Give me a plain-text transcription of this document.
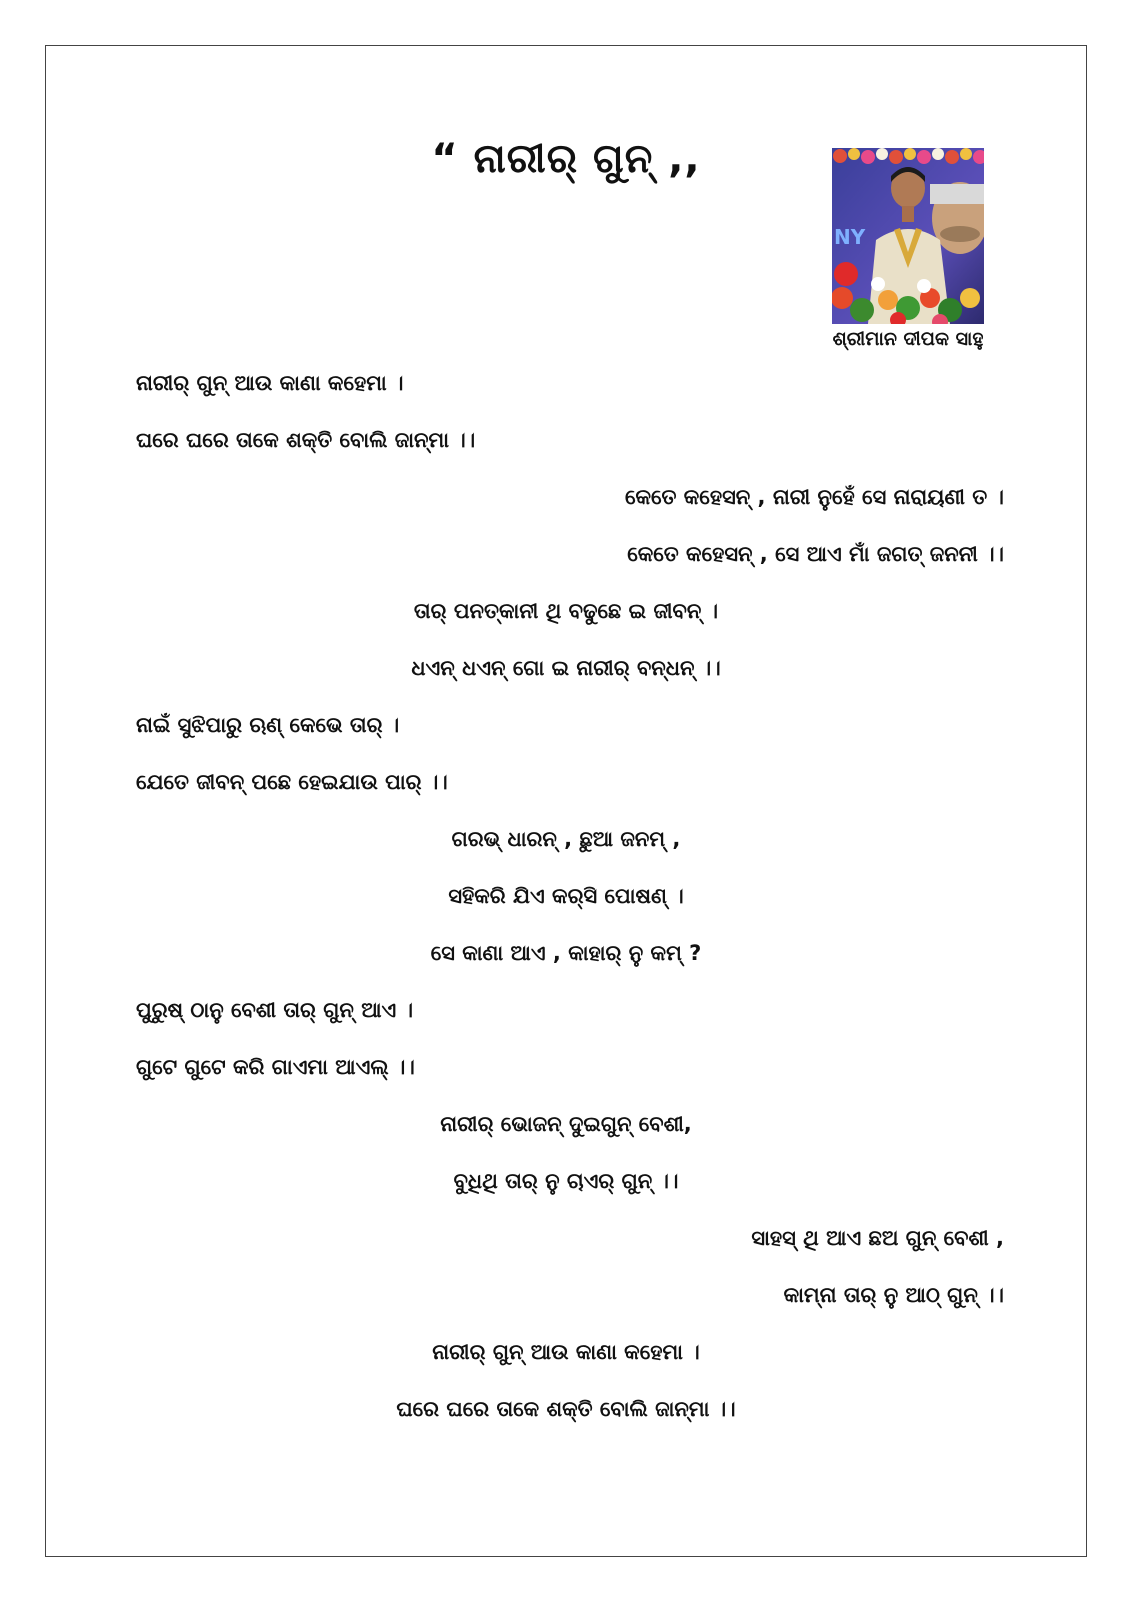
“ ନାରୀର୍ ଗୁନ୍ ,,
NY
ଶ୍ରୀମାନ ଦୀପକ ସାହୁ
ନାରୀର୍ ଗୁନ୍ ଆଉ କାଣା କହେମା ।
ଘରେ ଘରେ ତାକେ ଶକ୍ତି ବୋଲି ଜାନ୍‌ମା ।।
କେତେ କହେସନ୍ , ନାରୀ ନୁହେଁ ସେ ନାରାୟଣୀ ତ ।
କେତେ କହେସନ୍ , ସେ ଆଏ ମାଁ ଜଗତ୍ ଜନନୀ ।।
ତାର୍ ପନତ୍‌କାନୀ ଥି ବଢୁଛେ ଇ ଜୀବନ୍ ।
ଧଏନ୍ ଧଏନ୍ ଗୋ ଇ ନାରୀର୍ ବନ୍ଧନ୍ ।।
ନାଇଁ ସୁଝିପାରୁ ଋଣ୍ କେଭେ ତାର୍ ।
ଯେତେ ଜୀବନ୍ ପଛେ ହେଇଯାଉ ପାର୍ ।।
ଗରଭ୍ ଧାରନ୍ , ଛୁଆ ଜନମ୍ ,
ସହିକରି ଯିଏ କର୍‌ସି ପୋଷଣ୍ ।
ସେ କାଣା ଆଏ , କାହାର୍ ନୁ କମ୍ ?
ପୁରୁଷ୍ ଠାନୁ ବେଶୀ ତାର୍ ଗୁନ୍ ଆଏ ।
ଗୁଟେ ଗୁଟେ କରି ଗାଏମା ଆଏଲ୍ ।।
ନାରୀର୍ ଭୋଜନ୍ ଦୁଇଗୁନ୍ ବେଶୀ,
ବୁଧିଥି ତାର୍ ନୁ ଚାଏର୍ ଗୁନ୍ ।।
ସାହସ୍ ଥି ଆଏ ଛଅ ଗୁନ୍ ବେଶୀ ,
କାମ୍‌ନା ତାର୍ ନୁ ଆଠ୍ ଗୁନ୍ ।।
ନାରୀର୍ ଗୁନ୍ ଆଉ କାଣା କହେମା ।
ଘରେ ଘରେ ତାକେ ଶକ୍ତି ବୋଲି ଜାନ୍‌ମା ।।
